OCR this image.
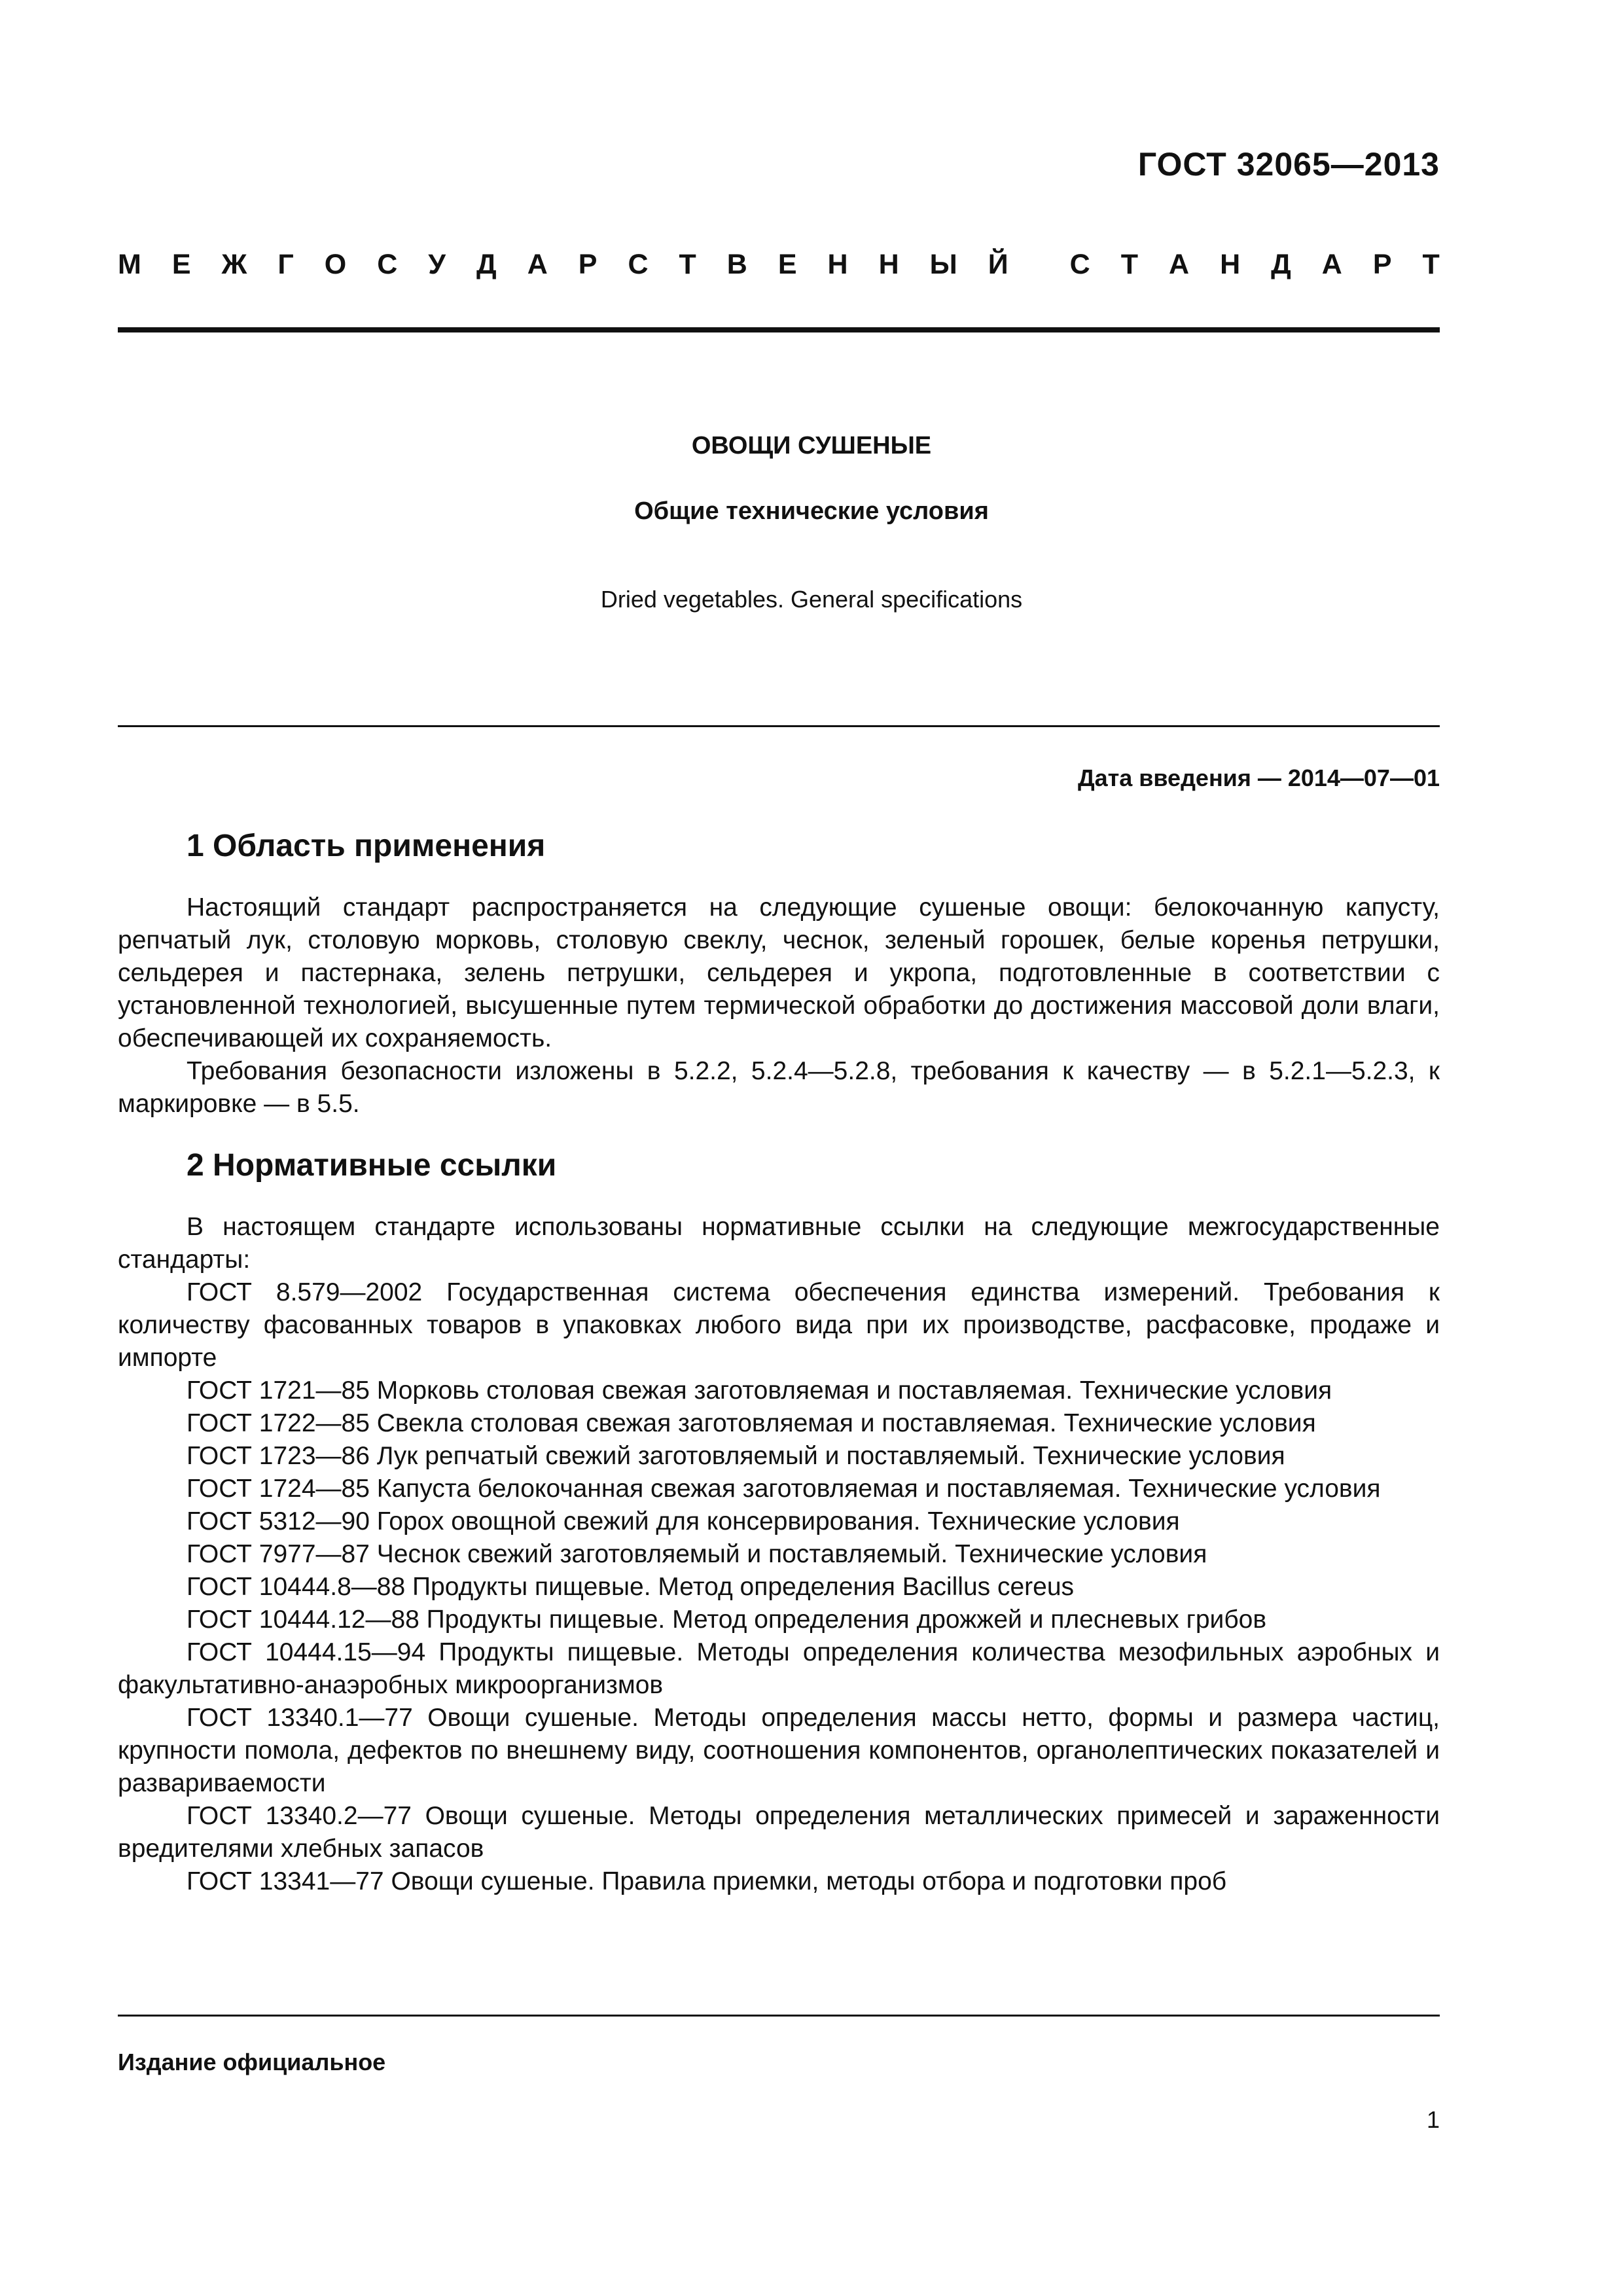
ГОСТ 32065—2013
М Е Ж Г О С У Д А Р С Т В Е Н Н Ы Й С Т А Н Д А Р Т
ОВОЩИ СУШЕНЫЕ
Общие технические условия
Dried vegetables. General specifications
Дата введения — 2014—07—01
1 Область применения

Настоящий стандарт распространяется на следующие сушеные овощи: белокочанную капусту, репчатый лук, столовую морковь, столовую свеклу, чеснок, зеленый горошек, белые коренья петрушки, сельдерея и пастернака, зелень петрушки, сельдерея и укропа, подготовленные в соответствии с установленной технологией, высушенные путем термической обработки до достижения массовой доли влаги, обеспечивающей их сохраняемость.

Требования безопасности изложены в 5.2.2, 5.2.4—5.2.8, требования к качеству — в 5.2.1—5.2.3, к маркировке — в 5.5.

2 Нормативные ссылки

В настоящем стандарте использованы нормативные ссылки на следующие межгосударственные стандарты:

ГОСТ 8.579—2002 Государственная система обеспечения единства измерений. Требования к количеству фасованных товаров в упаковках любого вида при их производстве, расфасовке, продаже и импорте

ГОСТ 1721—85 Морковь столовая свежая заготовляемая и поставляемая. Технические условия

ГОСТ 1722—85 Свекла столовая свежая заготовляемая и поставляемая. Технические условия

ГОСТ 1723—86 Лук репчатый свежий заготовляемый и поставляемый. Технические условия

ГОСТ 1724—85 Капуста белокочанная свежая заготовляемая и поставляемая. Технические условия

ГОСТ 5312—90 Горох овощной свежий для консервирования. Технические условия

ГОСТ 7977—87 Чеснок свежий заготовляемый и поставляемый. Технические условия

ГОСТ 10444.8—88 Продукты пищевые. Метод определения Bacillus cereus

ГОСТ 10444.12—88 Продукты пищевые. Метод определения дрожжей и плесневых грибов

ГОСТ 10444.15—94 Продукты пищевые. Методы определения количества мезофильных аэробных и факультативно-анаэробных микроорганизмов

ГОСТ 13340.1—77 Овощи сушеные. Методы определения массы нетто, формы и размера частиц, крупности помола, дефектов по внешнему виду, соотношения компонентов, органолептических показателей и развариваемости

ГОСТ 13340.2—77 Овощи сушеные. Методы определения металлических примесей и зараженности вредителями хлебных запасов

ГОСТ 13341—77 Овощи сушеные. Правила приемки, методы отбора и подготовки проб

Издание официальное
1
